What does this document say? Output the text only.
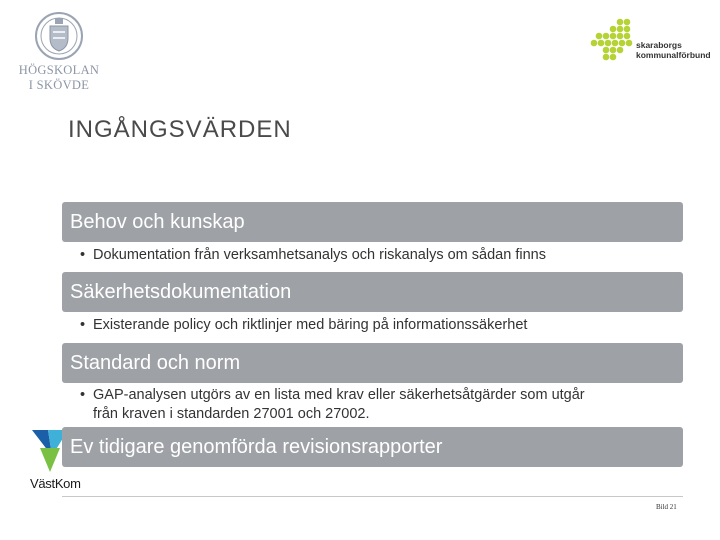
HÖGSKOLAN
I SKÖVDE
skaraborgs
kommunalförbund
INGÅNGSVÄRDEN
Behov och kunskap
• Dokumentation från verksamhetsanalys och riskanalys om sådan finns
Säkerhetsdokumentation
• Existerande policy och riktlinjer med bäring på informationssäkerhet
Standard och norm
• GAP-analysen utgörs av en lista med krav eller säkerhetsåtgärder som utgår
från kraven i standarden 27001 och 27002.
VästKom
Ev tidigare genomförda revisionsrapporter
Bild 21
